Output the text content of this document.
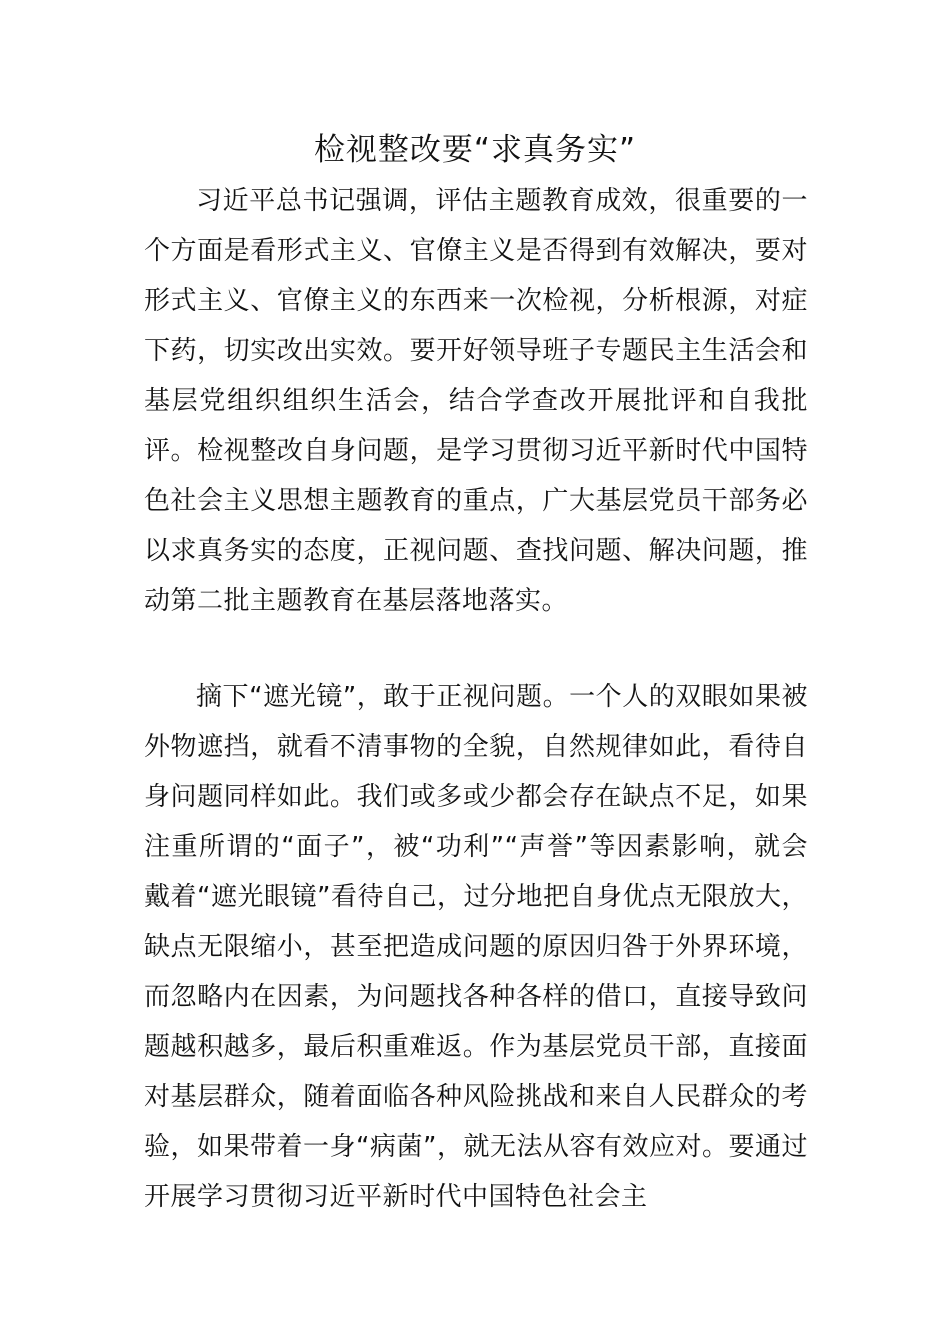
检视整改要“求真务实”

习近平总书记强调，评估主题教育成效，很重要的一个方面是看形式主义、官僚主义是否得到有效解决，要对形式主义、官僚主义的东西来一次检视，分析根源，对症下药，切实改出实效。要开好领导班子专题民主生活会和基层党组织组织生活会，结合学查改开展批评和自我批评。检视整改自身问题，是学习贯彻习近平新时代中国特色社会主义思想主题教育的重点，广大基层党员干部务必以求真务实的态度，正视问题、查找问题、解决问题，推动第二批主题教育在基层落地落实。

摘下“遮光镜”，敢于正视问题。一个人的双眼如果被外物遮挡，就看不清事物的全貌，自然规律如此，看待自身问题同样如此。我们或多或少都会存在缺点不足，如果注重所谓的“面子”，被“功利”“声誉”等因素影响，就会戴着“遮光眼镜”看待自己，过分地把自身优点无限放大，缺点无限缩小，甚至把造成问题的原因归咎于外界环境，而忽略内在因素，为问题找各种各样的借口，直接导致问题越积越多，最后积重难返。作为基层党员干部，直接面对基层群众，随着面临各种风险挑战和来自人民群众的考验，如果带着一身“病菌”，就无法从容有效应对。要通过开展学习贯彻习近平新时代中国特色社会主
